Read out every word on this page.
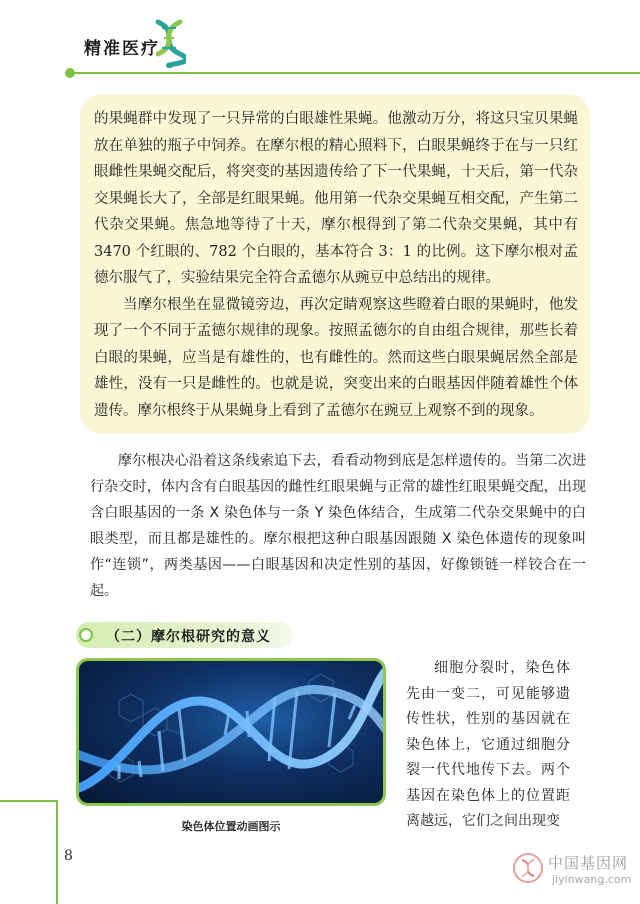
精准医疗

的果蝇群中发现了一只异常的白眼雄性果蝇。他激动万分，将这只宝贝果蝇放在单独的瓶子中饲养。在摩尔根的精心照料下，白眼果蝇终于在与一只红眼雌性果蝇交配后，将突变的基因遗传给了下一代果蝇，十天后，第一代杂交果蝇长大了，全部是红眼果蝇。他用第一代杂交果蝇互相交配，产生第二代杂交果蝇。焦急地等待了十天，摩尔根得到了第二代杂交果蝇，其中有 3470 个红眼的、782 个白眼的，基本符合 3：1 的比例。这下摩尔根对孟德尔服气了，实验结果完全符合孟德尔从豌豆中总结出的规律。

当摩尔根坐在显微镜旁边，再次定睛观察这些瞪着白眼的果蝇时，他发现了一个不同于孟德尔规律的现象。按照孟德尔的自由组合规律，那些长着白眼的果蝇，应当是有雄性的，也有雌性的。然而这些白眼果蝇居然全部是雄性，没有一只是雌性的。也就是说，突变出来的白眼基因伴随着雄性个体遗传。摩尔根终于从果蝇身上看到了孟德尔在豌豆上观察不到的现象。

摩尔根决心沿着这条线索追下去，看看动物到底是怎样遗传的。当第二次进行杂交时，体内含有白眼基因的雌性红眼果蝇与正常的雄性红眼果蝇交配，出现含白眼基因的一条 X 染色体与一条 Y 染色体结合，生成第二代杂交果蝇中的白眼类型，而且都是雄性的。摩尔根把这种白眼基因跟随 X 染色体遗传的现象叫作“连锁”，两类基因——白眼基因和决定性别的基因，好像锁链一样铰合在一起。

（二）摩尔根研究的意义
染色体位置动画图示

细胞分裂时，染色体先由一变二，可见能够遗传性状，性别的基因就在染色体上，它通过细胞分裂一代代地传下去。两个基因在染色体上的位置距离越远，它们之间出现变

8	中国基因网
jiyinwang.com
